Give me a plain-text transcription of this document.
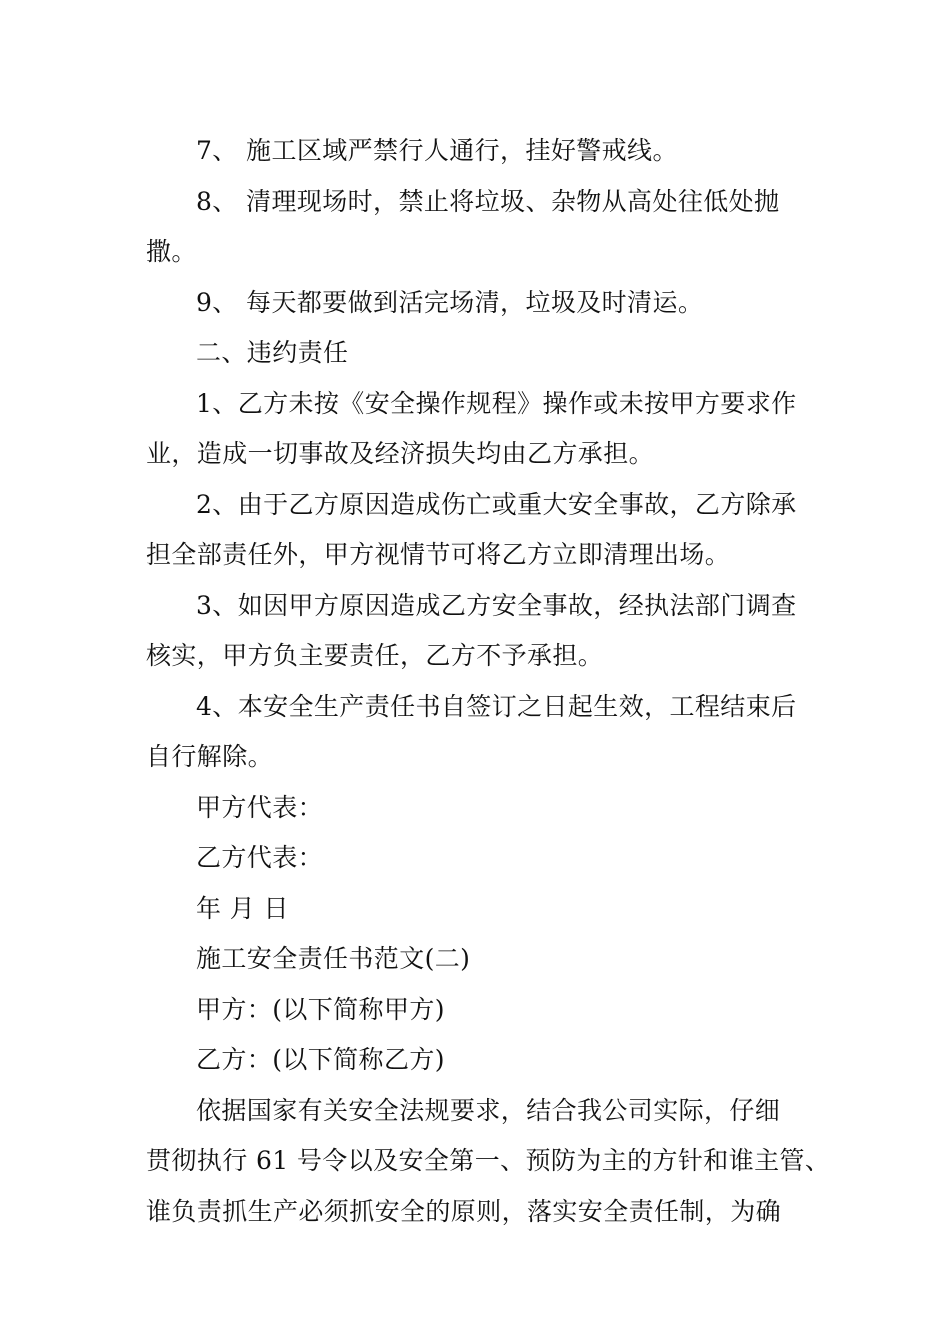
7、 施工区域严禁行人通行，挂好警戒线。
8、 清理现场时，禁止将垃圾、杂物从高处往低处抛
撒。
9、 每天都要做到活完场清，垃圾及时清运。
二、违约责任
1、乙方未按《安全操作规程》操作或未按甲方要求作
业，造成一切事故及经济损失均由乙方承担。
2、由于乙方原因造成伤亡或重大安全事故，乙方除承
担全部责任外，甲方视情节可将乙方立即清理出场。
3、如因甲方原因造成乙方安全事故，经执法部门调查
核实，甲方负主要责任，乙方不予承担。
4、本安全生产责任书自签订之日起生效，工程结束后
自行解除。
甲方代表：
乙方代表：
年 月 日
施工安全责任书范文(二)
甲方：(以下简称甲方)
乙方：(以下简称乙方)
依据国家有关安全法规要求，结合我公司实际，仔细
贯彻执行 61 号令以及安全第一、预防为主的方针和谁主管、
谁负责抓生产必须抓安全的原则，落实安全责任制，为确
